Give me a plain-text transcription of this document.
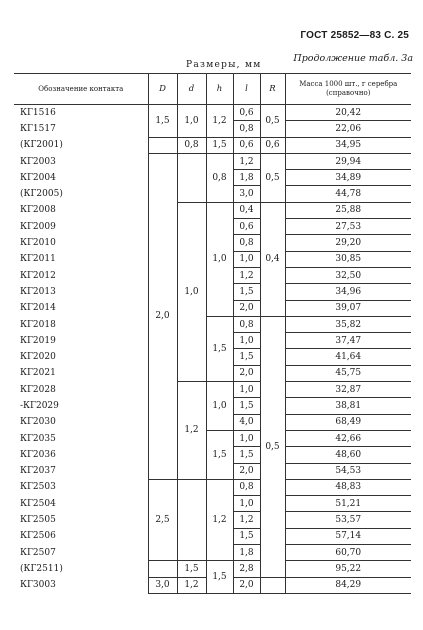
ГОСТ 25852—83 С. 25
Продолжение табл. 3а
Размеры, мм
Обозначение контакта	D	d	h	l	R	Масса 1000 шт., г серебра (справочно)
КГ1516	1,5	1,0	1,2	0,6	0,5	20,42
КГ1517				0,8		22,06
(КГ2001)		0,8	1,5	0,6	0,6	34,95
КГ2003	2,0		0,8	1,2	0,5	29,94
КГ2004				1,8		34,89
(КГ2005)				3,0		44,78
КГ2008		1,0	1,0	0,4	0,4	25,88
КГ2009				0,6		27,53
КГ2010				0,8		29,20
КГ2011				1,0		30,85
КГ2012				1,2		32,50
КГ2013				1,5		34,96
КГ2014				2,0		39,07
КГ2018			1,5	0,8	0,5	35,82
КГ2019				1,0		37,47
КГ2020				1,5		41,64
КГ2021				2,0		45,75
КГ2028		1,2	1,0	1,0		32,87
-КГ2029				1,5		38,81
КГ2030				4,0		68,49
КГ2035			1,5	1,0		42,66
КГ2036				1,5		48,60
КГ2037				2,0		54,53
КГ2503	2,5		1,2	0,8		48,83
КГ2504				1,0		51,21
КГ2505				1,2		53,57
КГ2506				1,5		57,14
КГ2507				1,8		60,70
(КГ2511)		1,5	1,5	2,8		95,22
КГ3003	3,0	1,2		2,0		84,29
